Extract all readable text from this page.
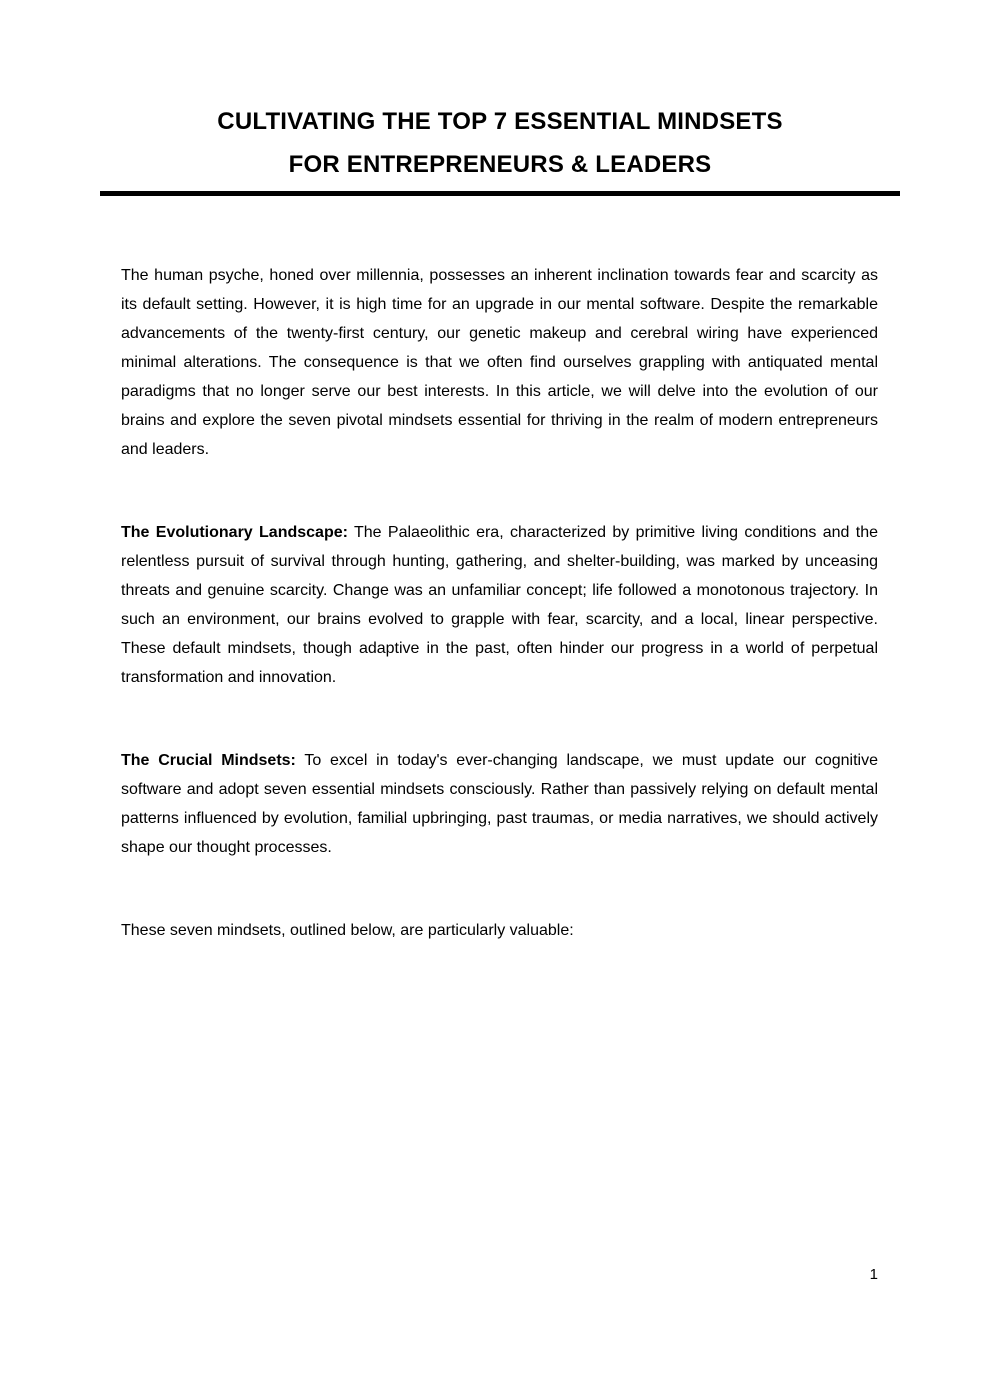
CULTIVATING THE TOP 7 ESSENTIAL MINDSETS
FOR ENTREPRENEURS & LEADERS

The human psyche, honed over millennia, possesses an inherent inclination towards fear and scarcity as its default setting. However, it is high time for an upgrade in our mental software. Despite the remarkable advancements of the twenty-first century, our genetic makeup and cerebral wiring have experienced minimal alterations. The consequence is that we often find ourselves grappling with antiquated mental paradigms that no longer serve our best interests. In this article, we will delve into the evolution of our brains and explore the seven pivotal mindsets essential for thriving in the realm of modern entrepreneurs and leaders.

The Evolutionary Landscape: The Palaeolithic era, characterized by primitive living conditions and the relentless pursuit of survival through hunting, gathering, and shelter-building, was marked by unceasing threats and genuine scarcity. Change was an unfamiliar concept; life followed a monotonous trajectory. In such an environment, our brains evolved to grapple with fear, scarcity, and a local, linear perspective. These default mindsets, though adaptive in the past, often hinder our progress in a world of perpetual transformation and innovation.

The Crucial Mindsets: To excel in today's ever-changing landscape, we must update our cognitive software and adopt seven essential mindsets consciously. Rather than passively relying on default mental patterns influenced by evolution, familial upbringing, past traumas, or media narratives, we should actively shape our thought processes.

These seven mindsets, outlined below, are particularly valuable:

1
